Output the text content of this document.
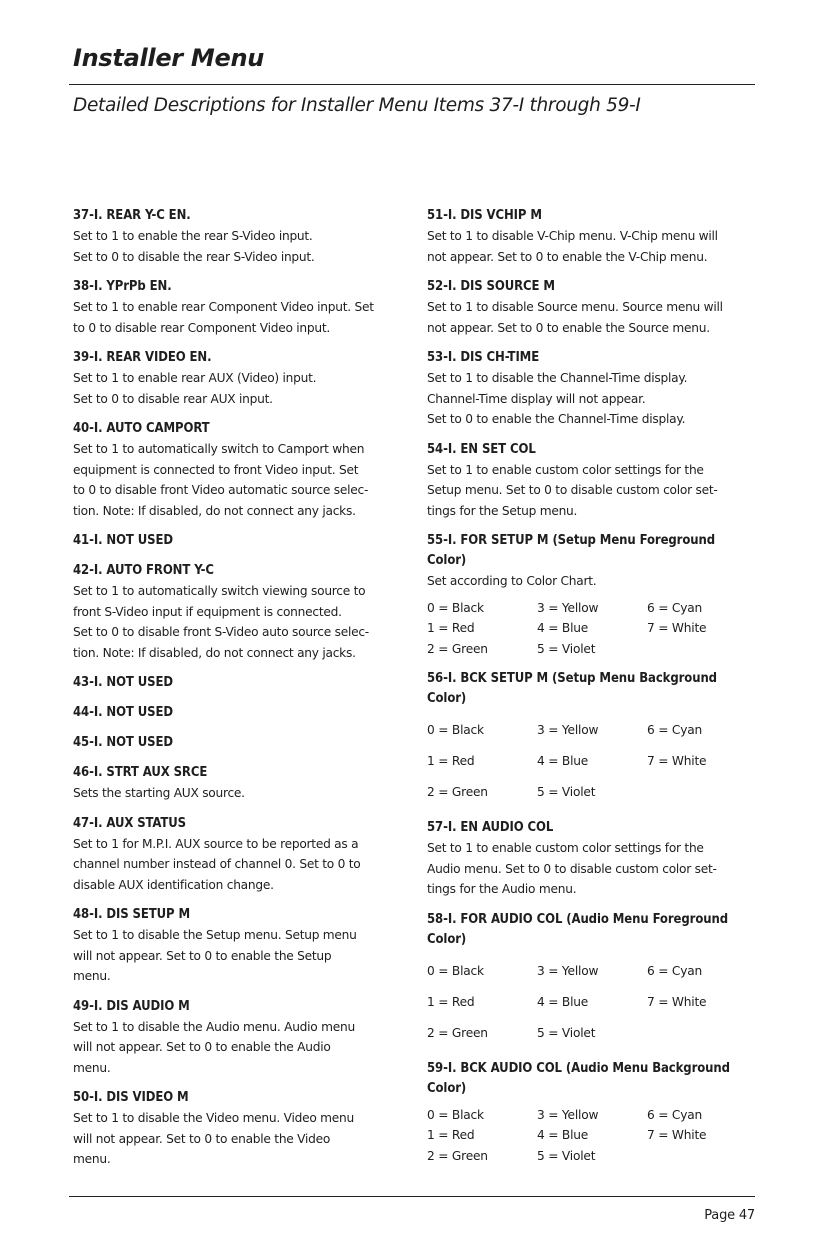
Installer Menu
Detailed Descriptions for Installer Menu Items 37-I through 59-I

37-I. REAR Y-C EN.

Set to 1 to enable the rear S-Video input.

Set to 0 to disable the rear S-Video input.

38-I. YPrPb EN.

Set to 1 to enable rear Component Video input. Set

to 0 to disable rear Component Video input.

39-I. REAR VIDEO EN.

Set to 1 to enable rear AUX (Video) input.

Set to 0 to disable rear AUX input.

40-I. AUTO CAMPORT

Set to 1 to automatically switch to Camport when

equipment is connected to front Video input. Set

to 0 to disable front Video automatic source selec-

tion. Note: If disabled, do not connect any jacks.

41-I. NOT USED

42-I. AUTO FRONT Y-C

Set to 1 to automatically switch viewing source to

front S-Video input if equipment is connected.

Set to 0 to disable front S-Video auto source selec-

tion. Note: If disabled, do not connect any jacks.

43-I. NOT USED

44-I. NOT USED

45-I. NOT USED

46-I. STRT AUX SRCE

Sets the starting AUX source.

47-I. AUX STATUS

Set to 1 for M.P.I. AUX source to be reported as a

channel number instead of channel 0. Set to 0 to

disable AUX identification change.

48-I. DIS SETUP M

Set to 1 to disable the Setup menu. Setup menu

will not appear. Set to 0 to enable the Setup

menu.

49-I. DIS AUDIO M

Set to 1 to disable the Audio menu. Audio menu

will not appear. Set to 0 to enable the Audio

menu.

50-I. DIS VIDEO M

Set to 1 to disable the Video menu. Video menu

will not appear. Set to 0 to enable the Video

menu.

51-I. DIS VCHIP M

Set to 1 to disable V-Chip menu. V-Chip menu will

not appear. Set to 0 to enable the V-Chip menu.

52-I. DIS SOURCE M

Set to 1 to disable Source menu. Source menu will

not appear. Set to 0 to enable the Source menu.

53-I. DIS CH-TIME

Set to 1 to disable the Channel-Time display.

Channel-Time display will not appear.

Set to 0 to enable the Channel-Time display.

54-I. EN SET COL

Set to 1 to enable custom color settings for the

Setup menu. Set to 0 to disable custom color set-

tings for the Setup menu.

55-I. FOR SETUP M (Setup Menu Foreground

Color)

Set according to Color Chart.

0 = Black	3 = Yellow	6 = Cyan
1 = Red	4 = Blue	7 = White
2 = Green	5 = Violet

56-I. BCK SETUP M (Setup Menu Background

Color)

0 = Black	3 = Yellow	6 = Cyan
1 = Red	4 = Blue	7 = White
2 = Green	5 = Violet

57-I. EN AUDIO COL

Set to 1 to enable custom color settings for the

Audio menu. Set to 0 to disable custom color set-

tings for the Audio menu.

58-I. FOR AUDIO COL (Audio Menu Foreground

Color)

0 = Black	3 = Yellow	6 = Cyan
1 = Red	4 = Blue	7 = White
2 = Green	5 = Violet

59-I. BCK AUDIO COL (Audio Menu Background

Color)

0 = Black	3 = Yellow	6 = Cyan
1 = Red	4 = Blue	7 = White
2 = Green	5 = Violet
Page 47
